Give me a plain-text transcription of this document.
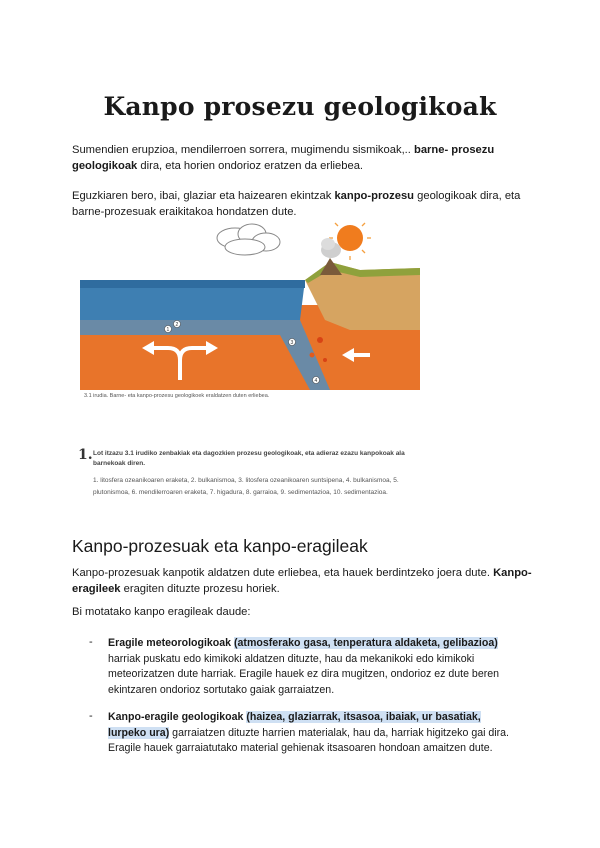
Kanpo prosezu geologikoak

Sumendien erupzioa, mendilerroen sorrera, mugimendu sismikoak,.. barne- prosezu geologikoak dira, eta horien ondorioz eratzen da erliebea.

Eguzkiaren bero, ibai, glaziar eta haizearen ekintzak kanpo-prozesu geologikoak dira, eta barne-prozesuak eraikitakoa hondatzen dute.

1
2
3
4
3.1 irudia. Barne- eta kanpo-prozesu geologikoek eraldatzen duten erliebea.
1. Lot itzazu 3.1 irudiko zenbakiak eta dagozkien prozesu geologikoak, eta adieraz ezazu kanpokoak ala barnekoak diren.
1. litosfera ozeanikoaren eraketa, 2. bulkanismoa, 3. litosfera ozeanikoaren suntsipena, 4. bulkanismoa, 5. plutonismoa, 6. mendilerroaren eraketa, 7. higadura, 8. garraioa, 9. sedimentazioa, 10. sedimentazioa.
Kanpo-prozesuak eta kanpo-eragileak

Kanpo-prozesuak kanpotik aldatzen dute erliebea, eta hauek berdintzeko joera dute. Kanpo- eragileek eragiten dituzte prozesu horiek.

Bi motatako kanpo eragileak daude:

- Eragile meteorologikoak (atmosferako gasa, tenperatura aldaketa, gelibazioa) harriak puskatu edo kimikoki aldatzen dituzte, hau da mekanikoki edo kimikoki meteorizatzen dute harriak. Eragile hauek ez dira mugitzen, ondorioz ez dute beren ekintzaren ondorioz sortutako gaiak garraiatzen.

- Kanpo-eragile geologikoak (haizea, glaziarrak, itsasoa, ibaiak, ur basatiak, lurpeko ura) garraiatzen dituzte harrien materialak, hau da, harriak higitzeko gai dira. Eragile hauek garraiatutako material gehienak itsasoaren hondoan amaitzen dute.
